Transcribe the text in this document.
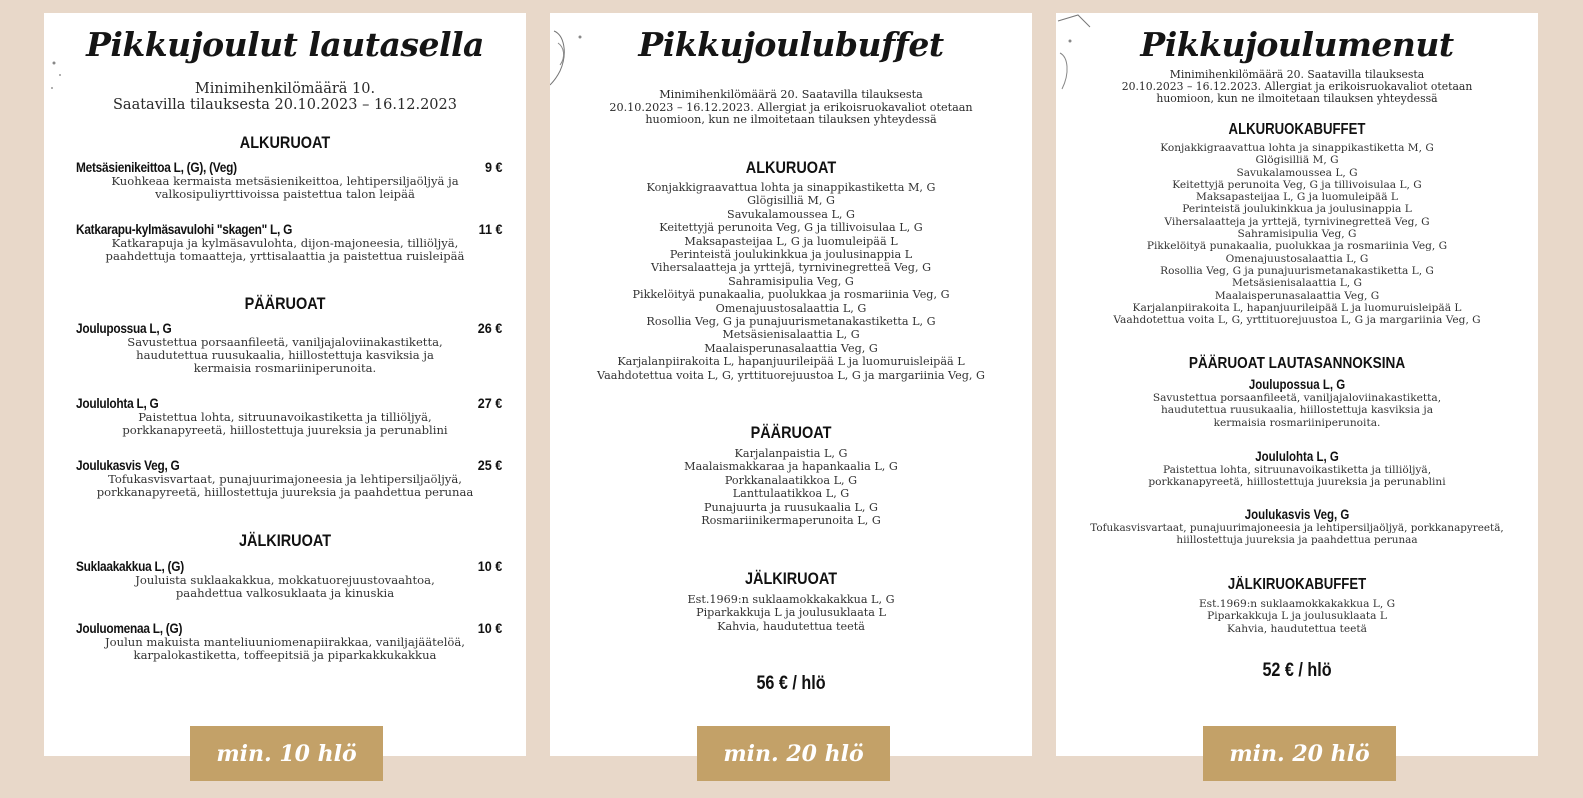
Pikkujoulut lautasella
Minimihenkilömäärä 10.
Saatavilla tilauksesta 20.10.2023 – 16.12.2023
ALKURUOAT
Metsäsienikeittoa L, (G), (Veg)	9 €
Kuohkeaa kermaista metsäsienikeittoa, lehtipersiljaöljyä ja
valkosipuliyrttivoissa paistettua talon leipää
Katkarapu-kylmäsavulohi "skagen" L, G	11 €
Katkarapuja ja kylmäsavulohta, dijon-majoneesia, tilliöljyä,
paahdettuja tomaatteja, yrttisalaattia ja paistettua ruisleipää
PÄÄRUOAT
Joulupossua L, G	26 €
Savustettua porsaanfileetä, vaniljajaloviinakastiketta,
haudutettua ruusukaalia, hiillostettuja kasviksia ja
kermaisia rosmariiniperunoita.
Joululohta L, G	27 €
Paistettua lohta, sitruunavoikastiketta ja tilliöljyä,
porkkanapyreetä, hiillostettuja juureksia ja perunablini
Joulukasvis Veg, G	25 €
Tofukasvisvartaat, punajuurimajoneesia ja lehtipersiljaöljyä,
porkkanapyreetä, hiillostettuja juureksia ja paahdettua perunaa
JÄLKIRUOAT
Suklaakakkua L, (G)	10 €
Jouluista suklaakakkua, mokkatuorejuustovaahtoa,
paahdettua valkosuklaata ja kinuskia
Jouluomenaa L, (G)	10 €
Joulun makuista manteliuuniomenapiirakkaa, vaniljajäätelöä,
karpalokastiketta, toffeepitsiä ja piparkakkukakkua
Pikkujoulubuffet
Minimihenkilömäärä 20. Saatavilla tilauksesta
20.10.2023 – 16.12.2023. Allergiat ja erikoisruokavaliot otetaan
huomioon, kun ne ilmoitetaan tilauksen yhteydessä
ALKURUOAT
Konjakkigraavattua lohta ja sinappikastiketta M, G
Glögisilliä M, G
Savukalamoussea L, G
Keitettyjä perunoita Veg, G ja tillivoisulaa L, G
Maksapasteijaa L, G ja luomuleipää L
Perinteistä joulukinkkua ja joulusinappia L
Vihersalaatteja ja yrttejä, tyrnivinegretteä Veg, G
Sahramisipulia Veg, G
Pikkelöityä punakaalia, puolukkaa ja rosmariinia Veg, G
Omenajuustosalaattia L, G
Rosollia Veg, G ja punajuurismetanakastiketta L, G
Metsäsienisalaattia L, G
Maalaisperunasalaattia Veg, G
Karjalanpiirakoita L, hapanjuurileipää L ja luomuruisleipää L
Vaahdotettua voita L, G, yrttituorejuustoa L, G ja margariinia Veg, G
PÄÄRUOAT
Karjalanpaistia L, G
Maalaismakkaraa ja hapankaalia L, G
Porkkanalaatikkoa L, G
Lanttulaatikkoa L, G
Punajuurta ja ruusukaalia L, G
Rosmariinikermaperunoita L, G
JÄLKIRUOAT
Est.1969:n suklaamokkakakkua L, G
Piparkakkuja L ja joulusuklaata L
Kahvia, haudutettua teetä
56 € / hlö
Pikkujoulumenut
Minimihenkilömäärä 20. Saatavilla tilauksesta
20.10.2023 – 16.12.2023. Allergiat ja erikoisruokavaliot otetaan
huomioon, kun ne ilmoitetaan tilauksen yhteydessä
ALKURUOKABUFFET
Konjakkigraavattua lohta ja sinappikastiketta M, G
Glögisilliä M, G
Savukalamoussea L, G
Keitettyjä perunoita Veg, G ja tillivoisulaa L, G
Maksapasteijaa L, G ja luomuleipää L
Perinteistä joulukinkkua ja joulusinappia L
Vihersalaatteja ja yrttejä, tyrnivinegretteä Veg, G
Sahramisipulia Veg, G
Pikkelöityä punakaalia, puolukkaa ja rosmariinia Veg, G
Omenajuustosalaattia L, G
Rosollia Veg, G ja punajuurismetanakastiketta L, G
Metsäsienisalaattia L, G
Maalaisperunasalaattia Veg, G
Karjalanpiirakoita L, hapanjuurileipää L ja luomuruisleipää L
Vaahdotettua voita L, G, yrttituorejuustoa L, G ja margariinia Veg, G
PÄÄRUOAT LAUTASANNOKSINA
Joulupossua L, G
Savustettua porsaanfileetä, vaniljajaloviinakastiketta,
haudutettua ruusukaalia, hiillostettuja kasviksia ja
kermaisia rosmariiniperunoita.
Joululohta L, G
Paistettua lohta, sitruunavoikastiketta ja tilliöljyä,
porkkanapyreetä, hiillostettuja juureksia ja perunablini
Joulukasvis Veg, G
Tofukasvisvartaat, punajuurimajoneesia ja lehtipersiljaöljyä, porkkanapyreetä,
hiillostettuja juureksia ja paahdettua perunaa
JÄLKIRUOKABUFFET
Est.1969:n suklaamokkakakkua L, G
Piparkakkuja L ja joulusuklaata L
Kahvia, haudutettua teetä
52 € / hlö
min. 10 hlö	min. 20 hlö	min. 20 hlö
